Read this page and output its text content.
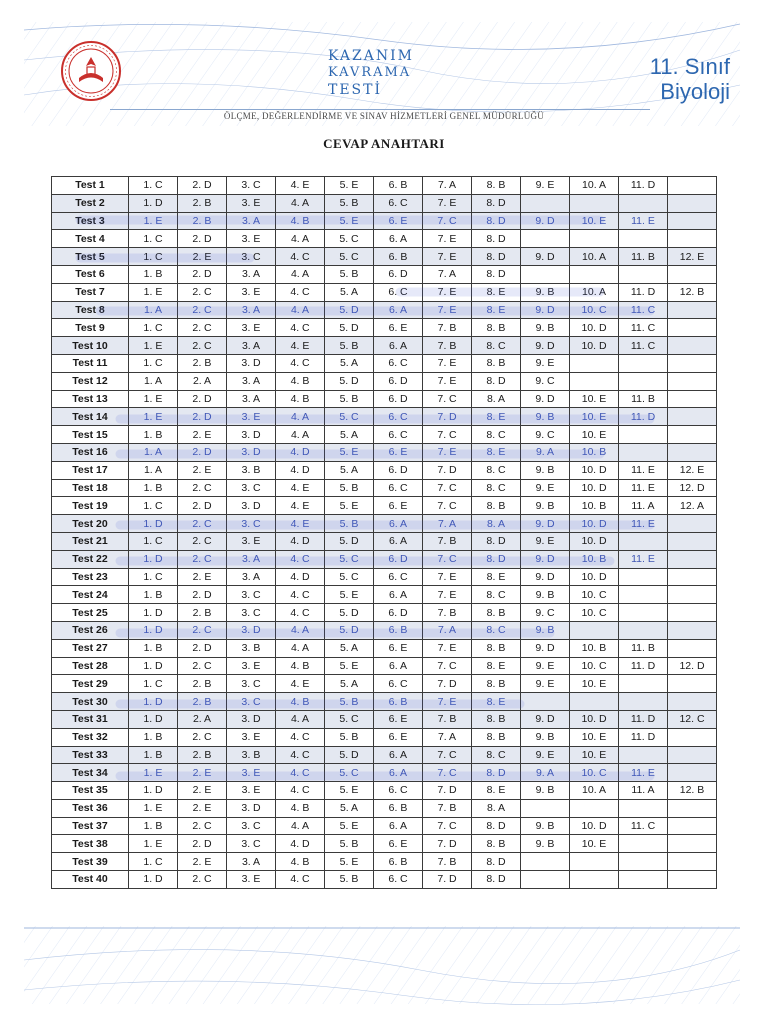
KAZANIM
KAVRAMA
TESTİ
11. Sınıf
Biyoloji
ÖLÇME, DEĞERLENDİRME VE SINAV HİZMETLERİ GENEL MÜDÜRLÜĞÜ
CEVAP ANAHTARI
Test 1	1. C	2. D	3. C	4. E	5. E	6. B	7. A	8. B	9. E	10. A	11. D	
Test 2	1. D	2. B	3. E	4. A	5. B	6. C	7. E	8. D				
Test 3	1. E	2. B	3. A	4. B	5. E	6. E	7. C	8. D	9. D	10. E	11. E	
Test 4	1. C	2. D	3. E	4. A	5. C	6. A	7. E	8. D				
Test 5	1. C	2. E	3. C	4. C	5. C	6. B	7. E	8. D	9. D	10. A	11. B	12. E
Test 6	1. B	2. D	3. A	4. A	5. B	6. D	7. A	8. D				
Test 7	1. E	2. C	3. E	4. C	5. A	6. C	7. E	8. E	9. B	10. A	11. D	12. B
Test 8	1. A	2. C	3. A	4. A	5. D	6. A	7. E	8. E	9. D	10. C	11. C	
Test 9	1. C	2. C	3. E	4. C	5. D	6. E	7. B	8. B	9. B	10. D	11. C	
Test 10	1. E	2. C	3. A	4. E	5. B	6. A	7. B	8. C	9. D	10. D	11. C	
Test 11	1. C	2. B	3. D	4. C	5. A	6. C	7. E	8. B	9. E			
Test 12	1. A	2. A	3. A	4. B	5. D	6. D	7. E	8. D	9. C			
Test 13	1. E	2. D	3. A	4. B	5. B	6. D	7. C	8. A	9. D	10. E	11. B	
Test 14	1. E	2. D	3. E	4. A	5. C	6. C	7. D	8. E	9. B	10. E	11. D	
Test 15	1. B	2. E	3. D	4. A	5. A	6. C	7. C	8. C	9. C	10. E		
Test 16	1. A	2. D	3. D	4. D	5. E	6. E	7. E	8. E	9. A	10. B		
Test 17	1. A	2. E	3. B	4. D	5. A	6. D	7. D	8. C	9. B	10. D	11. E	12. E
Test 18	1. B	2. C	3. C	4. E	5. B	6. C	7. C	8. C	9. E	10. D	11. E	12. D
Test 19	1. C	2. D	3. D	4. E	5. E	6. E	7. C	8. B	9. B	10. B	11. A	12. A
Test 20	1. D	2. C	3. C	4. E	5. B	6. A	7. A	8. A	9. D	10. D	11. E	
Test 21	1. C	2. C	3. E	4. D	5. D	6. A	7. B	8. D	9. E	10. D		
Test 22	1. D	2. C	3. A	4. C	5. C	6. D	7. C	8. D	9. D	10. B	11. E	
Test 23	1. C	2. E	3. A	4. D	5. C	6. C	7. E	8. E	9. D	10. D		
Test 24	1. B	2. D	3. C	4. C	5. E	6. A	7. E	8. C	9. B	10. C		
Test 25	1. D	2. B	3. C	4. C	5. D	6. D	7. B	8. B	9. C	10. C		
Test 26	1. D	2. C	3. D	4. A	5. D	6. B	7. A	8. C	9. B			
Test 27	1. B	2. D	3. B	4. A	5. A	6. E	7. E	8. B	9. D	10. B	11. B	
Test 28	1. D	2. C	3. E	4. B	5. E	6. A	7. C	8. E	9. E	10. C	11. D	12. D
Test 29	1. C	2. B	3. C	4. E	5. A	6. C	7. D	8. B	9. E	10. E		
Test 30	1. D	2. B	3. C	4. B	5. B	6. B	7. E	8. E				
Test 31	1. D	2. A	3. D	4. A	5. C	6. E	7. B	8. B	9. D	10. D	11. D	12. C
Test 32	1. B	2. C	3. E	4. C	5. B	6. E	7. A	8. B	9. B	10. E	11. D	
Test 33	1. B	2. B	3. B	4. C	5. D	6. A	7. C	8. C	9. E	10. E		
Test 34	1. E	2. E	3. E	4. C	5. C	6. A	7. C	8. D	9. A	10. C	11. E	
Test 35	1. D	2. E	3. E	4. C	5. E	6. C	7. D	8. E	9. B	10. A	11. A	12. B
Test 36	1. E	2. E	3. D	4. B	5. A	6. B	7. B	8. A				
Test 37	1. B	2. C	3. C	4. A	5. E	6. A	7. C	8. D	9. B	10. D	11. C	
Test 38	1. E	2. D	3. C	4. D	5. B	6. E	7. D	8. B	9. B	10. E		
Test 39	1. C	2. E	3. A	4. B	5. E	6. B	7. B	8. D				
Test 40	1. D	2. C	3. E	4. C	5. B	6. C	7. D	8. D				
